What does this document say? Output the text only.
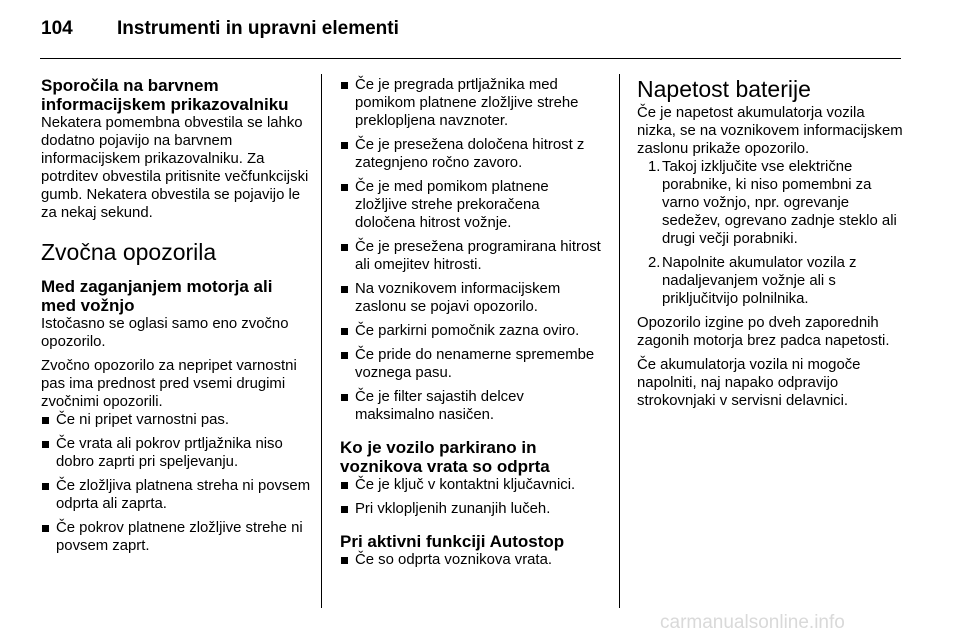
104 Instrumenti in upravni elementi
Sporočila na barvnem informacijskem prikazovalniku

Nekatera pomembna obvestila se lahko dodatno pojavijo na barvnem informacijskem prikazovalniku. Za potrditev obvestila pritisnite večfunkcijski gumb. Nekatera obvestila se pojavijo le za nekaj sekund.

Zvočna opozorila
Med zaganjanjem motorja ali med vožnjo

Istočasno se oglasi samo eno zvočno opozorilo.

Zvočno opozorilo za nepripet varnostni pas ima prednost pred vsemi drugimi zvočnimi opozorili.

Če ni pripet varnostni pas.
Če vrata ali pokrov prtljažnika niso dobro zaprti pri speljevanju.
Če zložljiva platnena streha ni povsem odprta ali zaprta.
Če pokrov platnene zložljive strehe ni povsem zaprt.
Če je pregrada prtljažnika med pomikom platnene zložljive strehe preklopljena navznoter.
Če je presežena določena hitrost z zategnjeno ročno zavoro.
Če je med pomikom platnene zložljive strehe prekoračena določena hitrost vožnje.
Če je presežena programirana hitrost ali omejitev hitrosti.
Na voznikovem informacijskem zaslonu se pojavi opozorilo.
Če parkirni pomočnik zazna oviro.
Če pride do nenamerne spremembe voznega pasu.
Če je filter sajastih delcev maksimalno nasičen.
Ko je vozilo parkirano in voznikova vrata so odprta
Če je ključ v kontaktni ključavnici.
Pri vklopljenih zunanjih lučeh.
Pri aktivni funkciji Autostop
Če so odprta voznikova vrata.
Napetost baterije

Če je napetost akumulatorja vozila nizka, se na voznikovem informacijskem zaslonu prikaže opozorilo.

1. Takoj izključite vse električne porabnike, ki niso pomembni za varno vožnjo, npr. ogrevanje sedežev, ogrevano zadnje steklo ali drugi večji porabniki.
2. Napolnite akumulator vozila z nadaljevanjem vožnje ali s priključitvijo polnilnika.

Opozorilo izgine po dveh zaporednih zagonih motorja brez padca napetosti.

Če akumulatorja vozila ni mogoče napolniti, naj napako odpravijo strokovnjaki v servisni delavnici.

carmanualsonline.info
